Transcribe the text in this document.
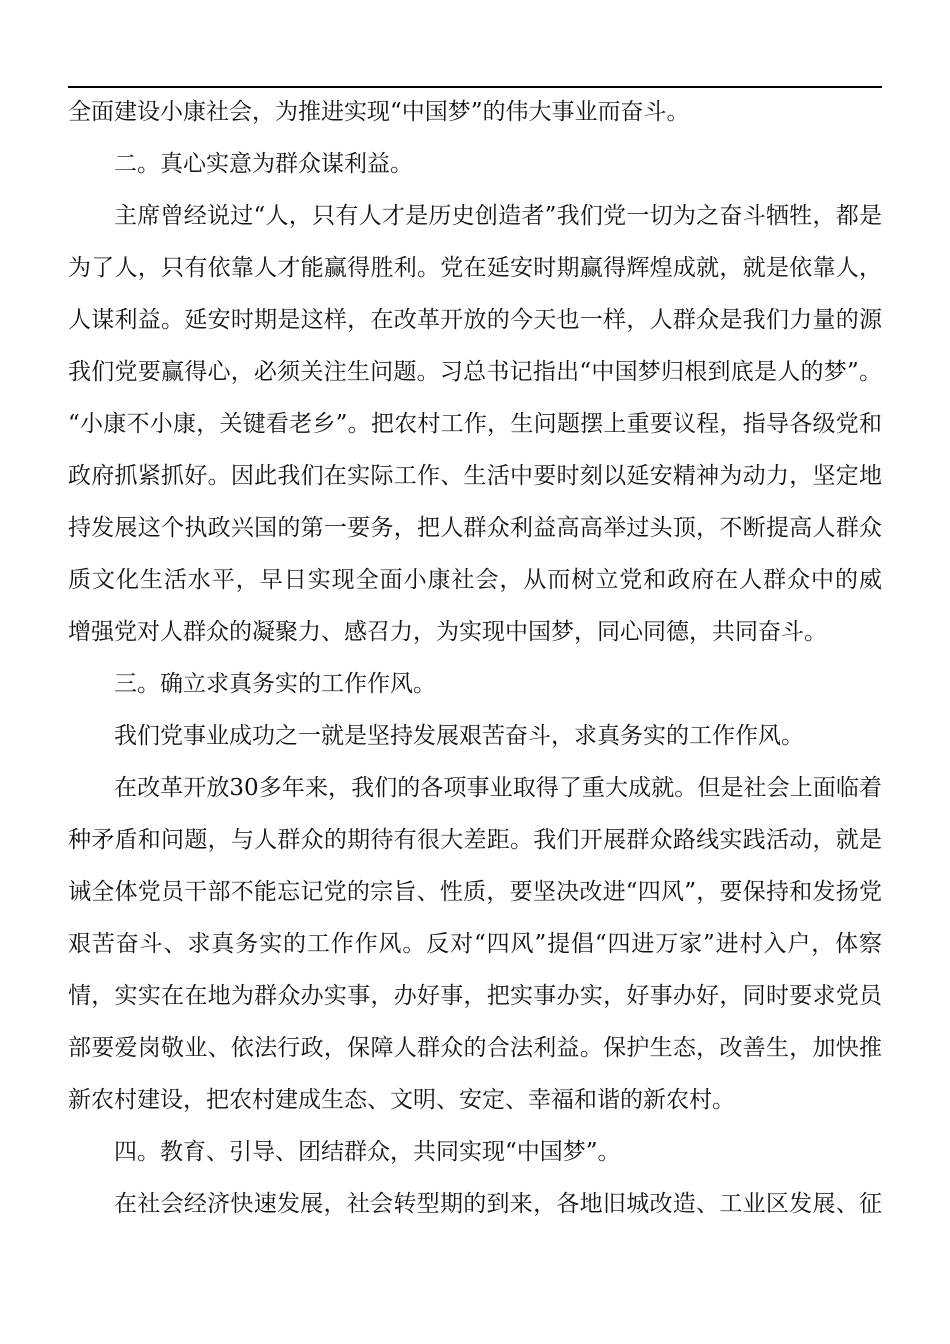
全面建设小康社会，为推进实现“中国梦”的伟大事业而奋斗。
二。真心实意为群众谋利益。
主席曾经说过“人，只有人才是历史创造者”我们党一切为之奋斗牺牲，都是
为了人，只有依靠人才能赢得胜利。党在延安时期赢得辉煌成就，就是依靠人，
人谋利益。延安时期是这样，在改革开放的今天也一样，人群众是我们力量的源
我们党要赢得心，必须关注生问题。习总书记指出“中国梦归根到底是人的梦”。
“小康不小康，关键看老乡”。把农村工作，生问题摆上重要议程，指导各级党和
政府抓紧抓好。因此我们在实际工作、生活中要时刻以延安精神为动力，坚定地
持发展这个执政兴国的第一要务，把人群众利益高高举过头顶，不断提高人群众
质文化生活水平，早日实现全面小康社会，从而树立党和政府在人群众中的威
增强党对人群众的凝聚力、感召力，为实现中国梦，同心同德，共同奋斗。
三。确立求真务实的工作作风。
我们党事业成功之一就是坚持发展艰苦奋斗，求真务实的工作作风。
在改革开放30多年来，我们的各项事业取得了重大成就。但是社会上面临着
种矛盾和问题，与人群众的期待有很大差距。我们开展群众路线实践活动，就是
诫全体党员干部不能忘记党的宗旨、性质，要坚决改进“四风”，要保持和发扬党
艰苦奋斗、求真务实的工作作风。反对“四风”提倡“四进万家”进村入户，体察
情，实实在在地为群众办实事，办好事，把实事办实，好事办好，同时要求党员
部要爱岗敬业、依法行政，保障人群众的合法利益。保护生态，改善生，加快推
新农村建设，把农村建成生态、文明、安定、幸福和谐的新农村。
四。教育、引导、团结群众，共同实现“中国梦”。
在社会经济快速发展，社会转型期的到来，各地旧城改造、工业区发展、征
